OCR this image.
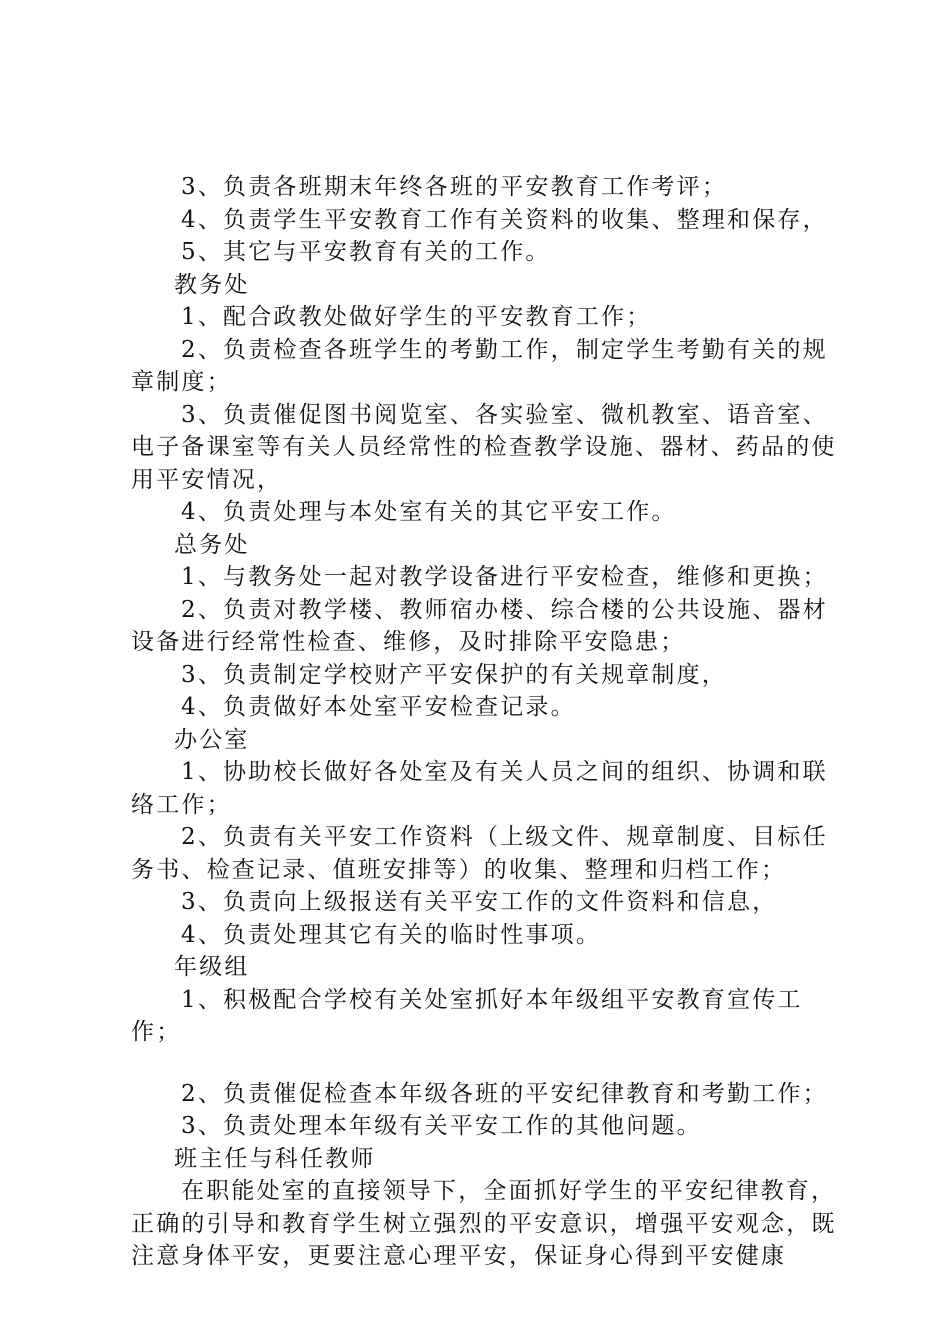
3、负责各班期末年终各班的平安教育工作考评；

4、负责学生平安教育工作有关资料的收集、整理和保存，

5、其它与平安教育有关的工作。

教务处

1、配合政教处做好学生的平安教育工作；

2、负责检查各班学生的考勤工作，制定学生考勤有关的规章制度；

3、负责催促图书阅览室、各实验室、微机教室、语音室、电子备课室等有关人员经常性的检查教学设施、器材、药品的使用平安情况，

4、负责处理与本处室有关的其它平安工作。

总务处

1、与教务处一起对教学设备进行平安检查，维修和更换；

2、负责对教学楼、教师宿办楼、综合楼的公共设施、器材设备进行经常性检查、维修，及时排除平安隐患；

3、负责制定学校财产平安保护的有关规章制度，

4、负责做好本处室平安检查记录。

办公室

1、协助校长做好各处室及有关人员之间的组织、协调和联络工作；

2、负责有关平安工作资料（上级文件、规章制度、目标任务书、检查记录、值班安排等）的收集、整理和归档工作；

3、负责向上级报送有关平安工作的文件资料和信息，

4、负责处理其它有关的临时性事项。

年级组

1、积极配合学校有关处室抓好本年级组平安教育宣传工作；

2、负责催促检查本年级各班的平安纪律教育和考勤工作；

3、负责处理本年级有关平安工作的其他问题。

班主任与科任教师

在职能处室的直接领导下，全面抓好学生的平安纪律教育，正确的引导和教育学生树立强烈的平安意识，增强平安观念，既注意身体平安，更要注意心理平安，保证身心得到平安健康
